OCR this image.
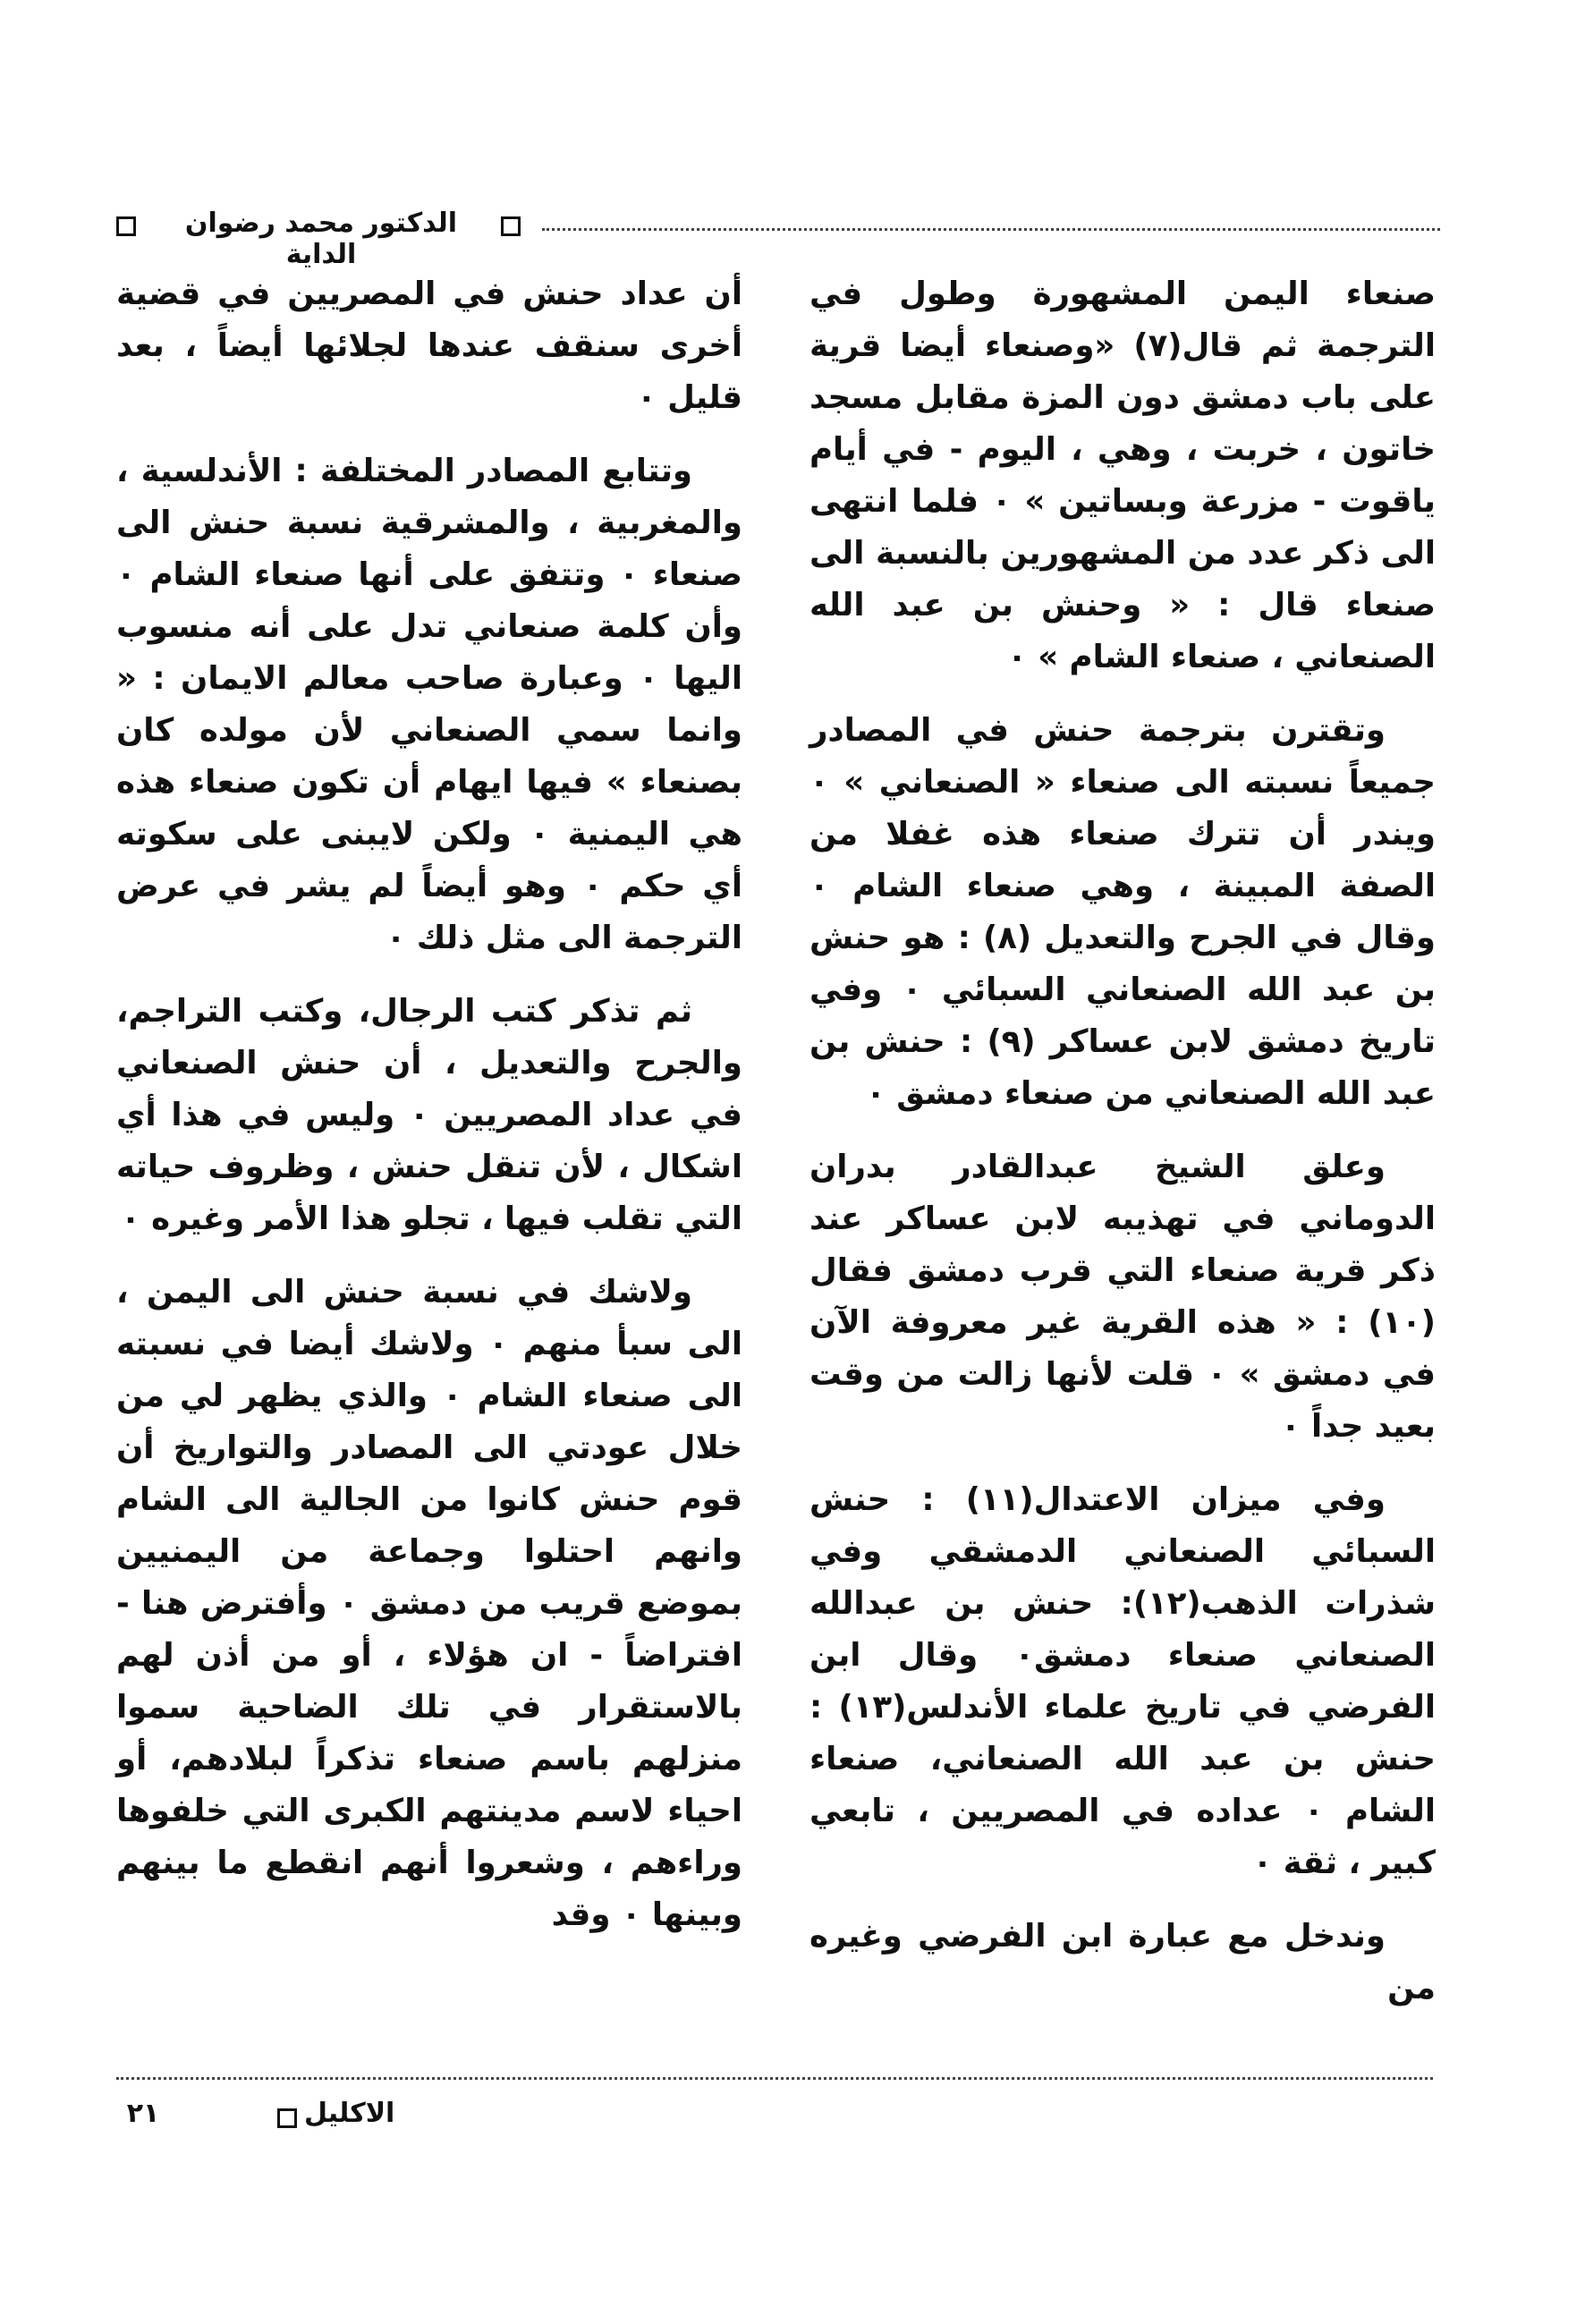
الدكتور محمد رضوان الداية

صنعاء اليمن المشهورة وطول في الترجمة ثم قال(٧) «وصنعاء أيضا قرية على باب دمشق دون المزة مقابل مسجد خاتون ، خربت ، وهي ، اليوم - في أيام ياقوت - مزرعة وبساتين » ٠ فلما انتهى الى ذكر عدد من المشهورين بالنسبة الى صنعاء قال : « وحنش بن عبد الله الصنعاني ، صنعاء الشام » ٠

وتقترن بترجمة حنش في المصادر جميعاً نسبته الى صنعاء « الصنعاني » ٠ ويندر أن تترك صنعاء هذه غفلا من الصفة المبينة ، وهي صنعاء الشام ٠ وقال في الجرح والتعديل (٨) : هو حنش بن عبد الله الصنعاني السبائي ٠ وفي تاريخ دمشق لابن عساكر (٩) : حنش بن عبد الله الصنعاني من صنعاء دمشق ٠

وعلق الشيخ عبدالقادر بدران الدوماني في تهذيبه لابن عساكر عند ذكر قرية صنعاء التي قرب دمشق فقال (١٠) : « هذه القرية غير معروفة الآن في دمشق » ٠ قلت لأنها زالت من وقت بعيد جداً ٠

وفي ميزان الاعتدال(١١) : حنش السبائي الصنعاني الدمشقي وفي شذرات الذهب(١٢): حنش بن عبدالله الصنعاني صنعاء دمشق٠ وقال ابن الفرضي في تاريخ علماء الأندلس(١٣) : حنش بن عبد الله الصنعاني، صنعاء الشام ٠ عداده في المصريين ، تابعي كبير ، ثقة ٠

وندخل مع عبارة ابن الفرضي وغيره من

أن عداد حنش في المصريين في قضية أخرى سنقف عندها لجلائها أيضاً ، بعد قليل ٠

وتتابع المصادر المختلفة : الأندلسية ، والمغربية ، والمشرقية نسبة حنش الى صنعاء ٠ وتتفق على أنها صنعاء الشام ٠ وأن كلمة صنعاني تدل على أنه منسوب اليها ٠ وعبارة صاحب معالم الايمان : « وانما سمي الصنعاني لأن مولده كان بصنعاء » فيها ايهام أن تكون صنعاء هذه هي اليمنية ٠ ولكن لايبنى على سكوته أي حكم ٠ وهو أيضاً لم يشر في عرض الترجمة الى مثل ذلك ٠

ثم تذكر كتب الرجال، وكتب التراجم، والجرح والتعديل ، أن حنش الصنعاني في عداد المصريين ٠ وليس في هذا أي اشكال ، لأن تنقل حنش ، وظروف حياته التي تقلب فيها ، تجلو هذا الأمر وغيره ٠

ولاشك في نسبة حنش الى اليمن ، الى سبأ منهم ٠ ولاشك أيضا في نسبته الى صنعاء الشام ٠ والذي يظهر لي من خلال عودتي الى المصادر والتواريخ أن قوم حنش كانوا من الجالية الى الشام وانهم احتلوا وجماعة من اليمنيين بموضع قريب من دمشق ٠ وأفترض هنا - افتراضاً - ان هؤلاء ، أو من أذن لهم بالاستقرار في تلك الضاحية سموا منزلهم باسم صنعاء تذكراً لبلادهم، أو احياء لاسم مدينتهم الكبرى التي خلفوها وراءهم ، وشعروا أنهم انقطع ما بينهم وبينها ٠ وقد

الاكليل
٢١
